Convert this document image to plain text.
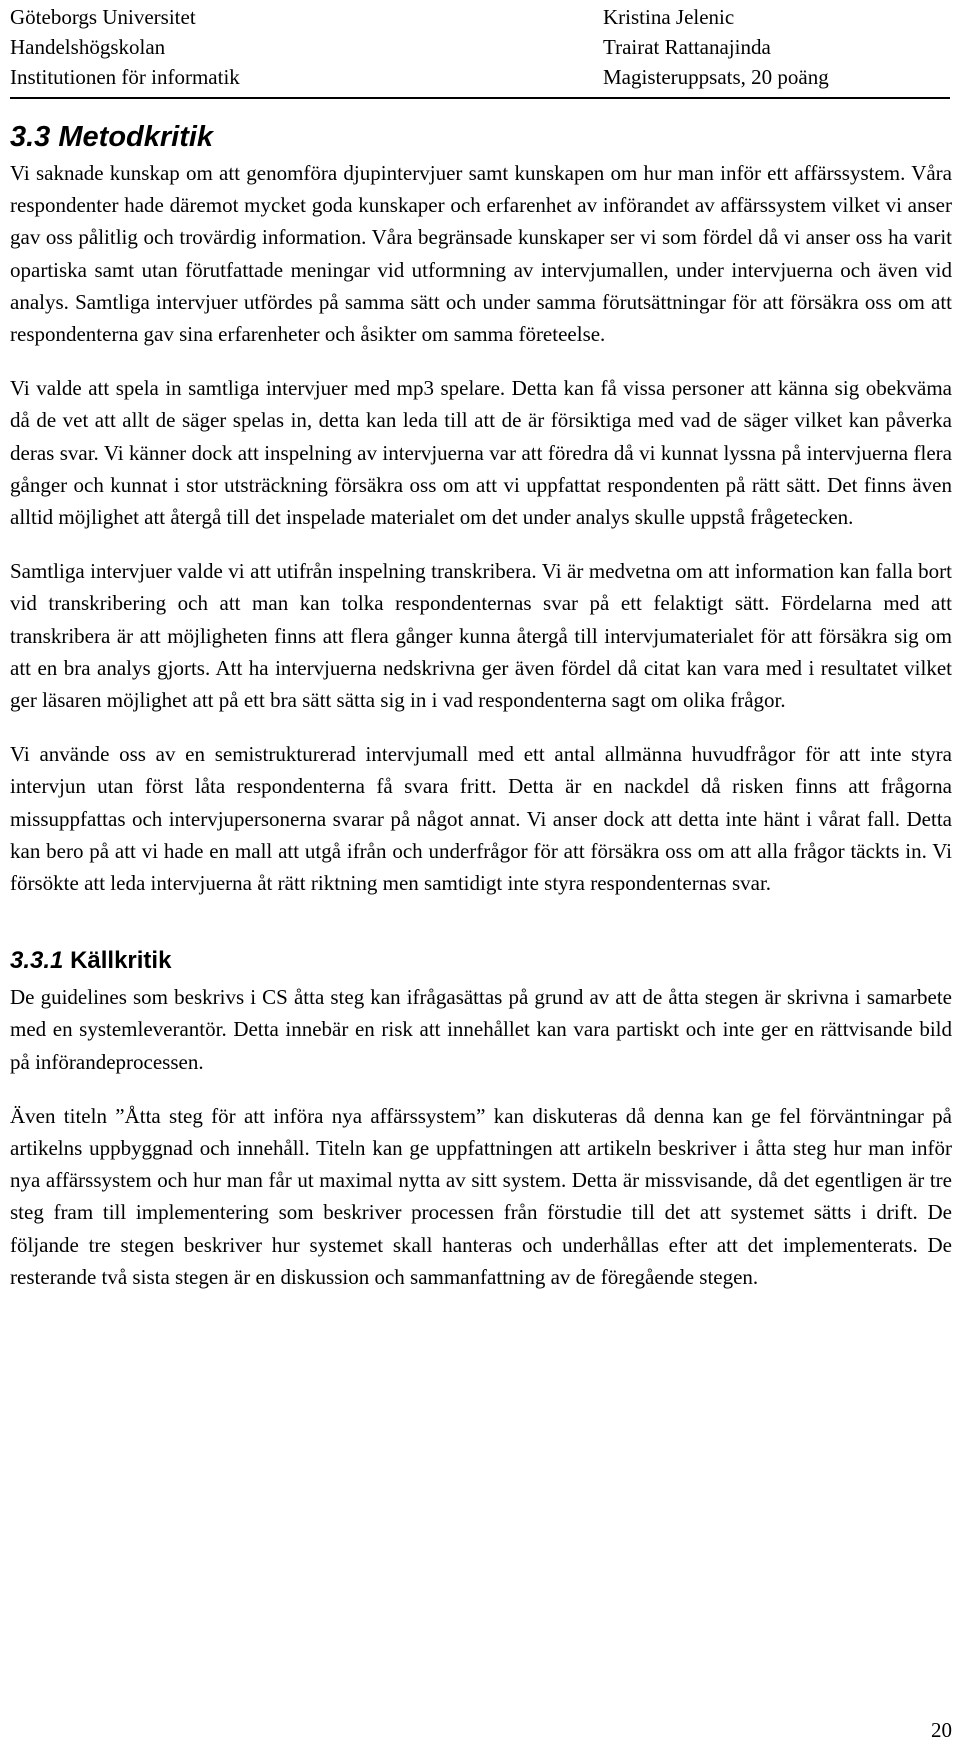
Göteborgs Universitet
Handelshögskolan
Institutionen för informatik
Kristina Jelenic
Trairat Rattanajinda
Magisteruppsats, 20 poäng
3.3 Metodkritik

Vi saknade kunskap om att genomföra djupintervjuer samt kunskapen om hur man inför ett affärssystem. Våra respondenter hade däremot mycket goda kunskaper och erfarenhet av införandet av affärssystem vilket vi anser gav oss pålitlig och trovärdig information. Våra begränsade kunskaper ser vi som fördel då vi anser oss ha varit opartiska samt utan förutfattade meningar vid utformning av intervjumallen, under intervjuerna och även vid analys. Samtliga intervjuer utfördes på samma sätt och under samma förutsättningar för att försäkra oss om att respondenterna gav sina erfarenheter och åsikter om samma företeelse.

Vi valde att spela in samtliga intervjuer med mp3 spelare. Detta kan få vissa personer att känna sig obekväma då de vet att allt de säger spelas in, detta kan leda till att de är försiktiga med vad de säger vilket kan påverka deras svar. Vi känner dock att inspelning av intervjuerna var att föredra då vi kunnat lyssna på intervjuerna flera gånger och kunnat i stor utsträckning försäkra oss om att vi uppfattat respondenten på rätt sätt. Det finns även alltid möjlighet att återgå till det inspelade materialet om det under analys skulle uppstå frågetecken.

Samtliga intervjuer valde vi att utifrån inspelning transkribera. Vi är medvetna om att information kan falla bort vid transkribering och att man kan tolka respondenternas svar på ett felaktigt sätt. Fördelarna med att transkribera är att möjligheten finns att flera gånger kunna återgå till intervjumaterialet för att försäkra sig om att en bra analys gjorts. Att ha intervjuerna nedskrivna ger även fördel då citat kan vara med i resultatet vilket ger läsaren möjlighet att på ett bra sätt sätta sig in i vad respondenterna sagt om olika frågor.

Vi använde oss av en semistrukturerad intervjumall med ett antal allmänna huvudfrågor för att inte styra intervjun utan först låta respondenterna få svara fritt. Detta är en nackdel då risken finns att frågorna missuppfattas och intervjupersonerna svarar på något annat. Vi anser dock att detta inte hänt i vårat fall. Detta kan bero på att vi hade en mall att utgå ifrån och underfrågor för att försäkra oss om att alla frågor täckts in. Vi försökte att leda intervjuerna åt rätt riktning men samtidigt inte styra respondenternas svar.

3.3.1 Källkritik

De guidelines som beskrivs i CS åtta steg kan ifrågasättas på grund av att de åtta stegen är skrivna i samarbete med en systemleverantör. Detta innebär en risk att innehållet kan vara partiskt och inte ger en rättvisande bild på införandeprocessen.

Även titeln ”Åtta steg för att införa nya affärssystem” kan diskuteras då denna kan ge fel förväntningar på artikelns uppbyggnad och innehåll. Titeln kan ge uppfattningen att artikeln beskriver i åtta steg hur man inför nya affärssystem och hur man får ut maximal nytta av sitt system. Detta är missvisande, då det egentligen är tre steg fram till implementering som beskriver processen från förstudie till det att systemet sätts i drift. De följande tre stegen beskriver hur systemet skall hanteras och underhållas efter att det implementerats. De resterande två sista stegen är en diskussion och sammanfattning av de föregående stegen.

20
